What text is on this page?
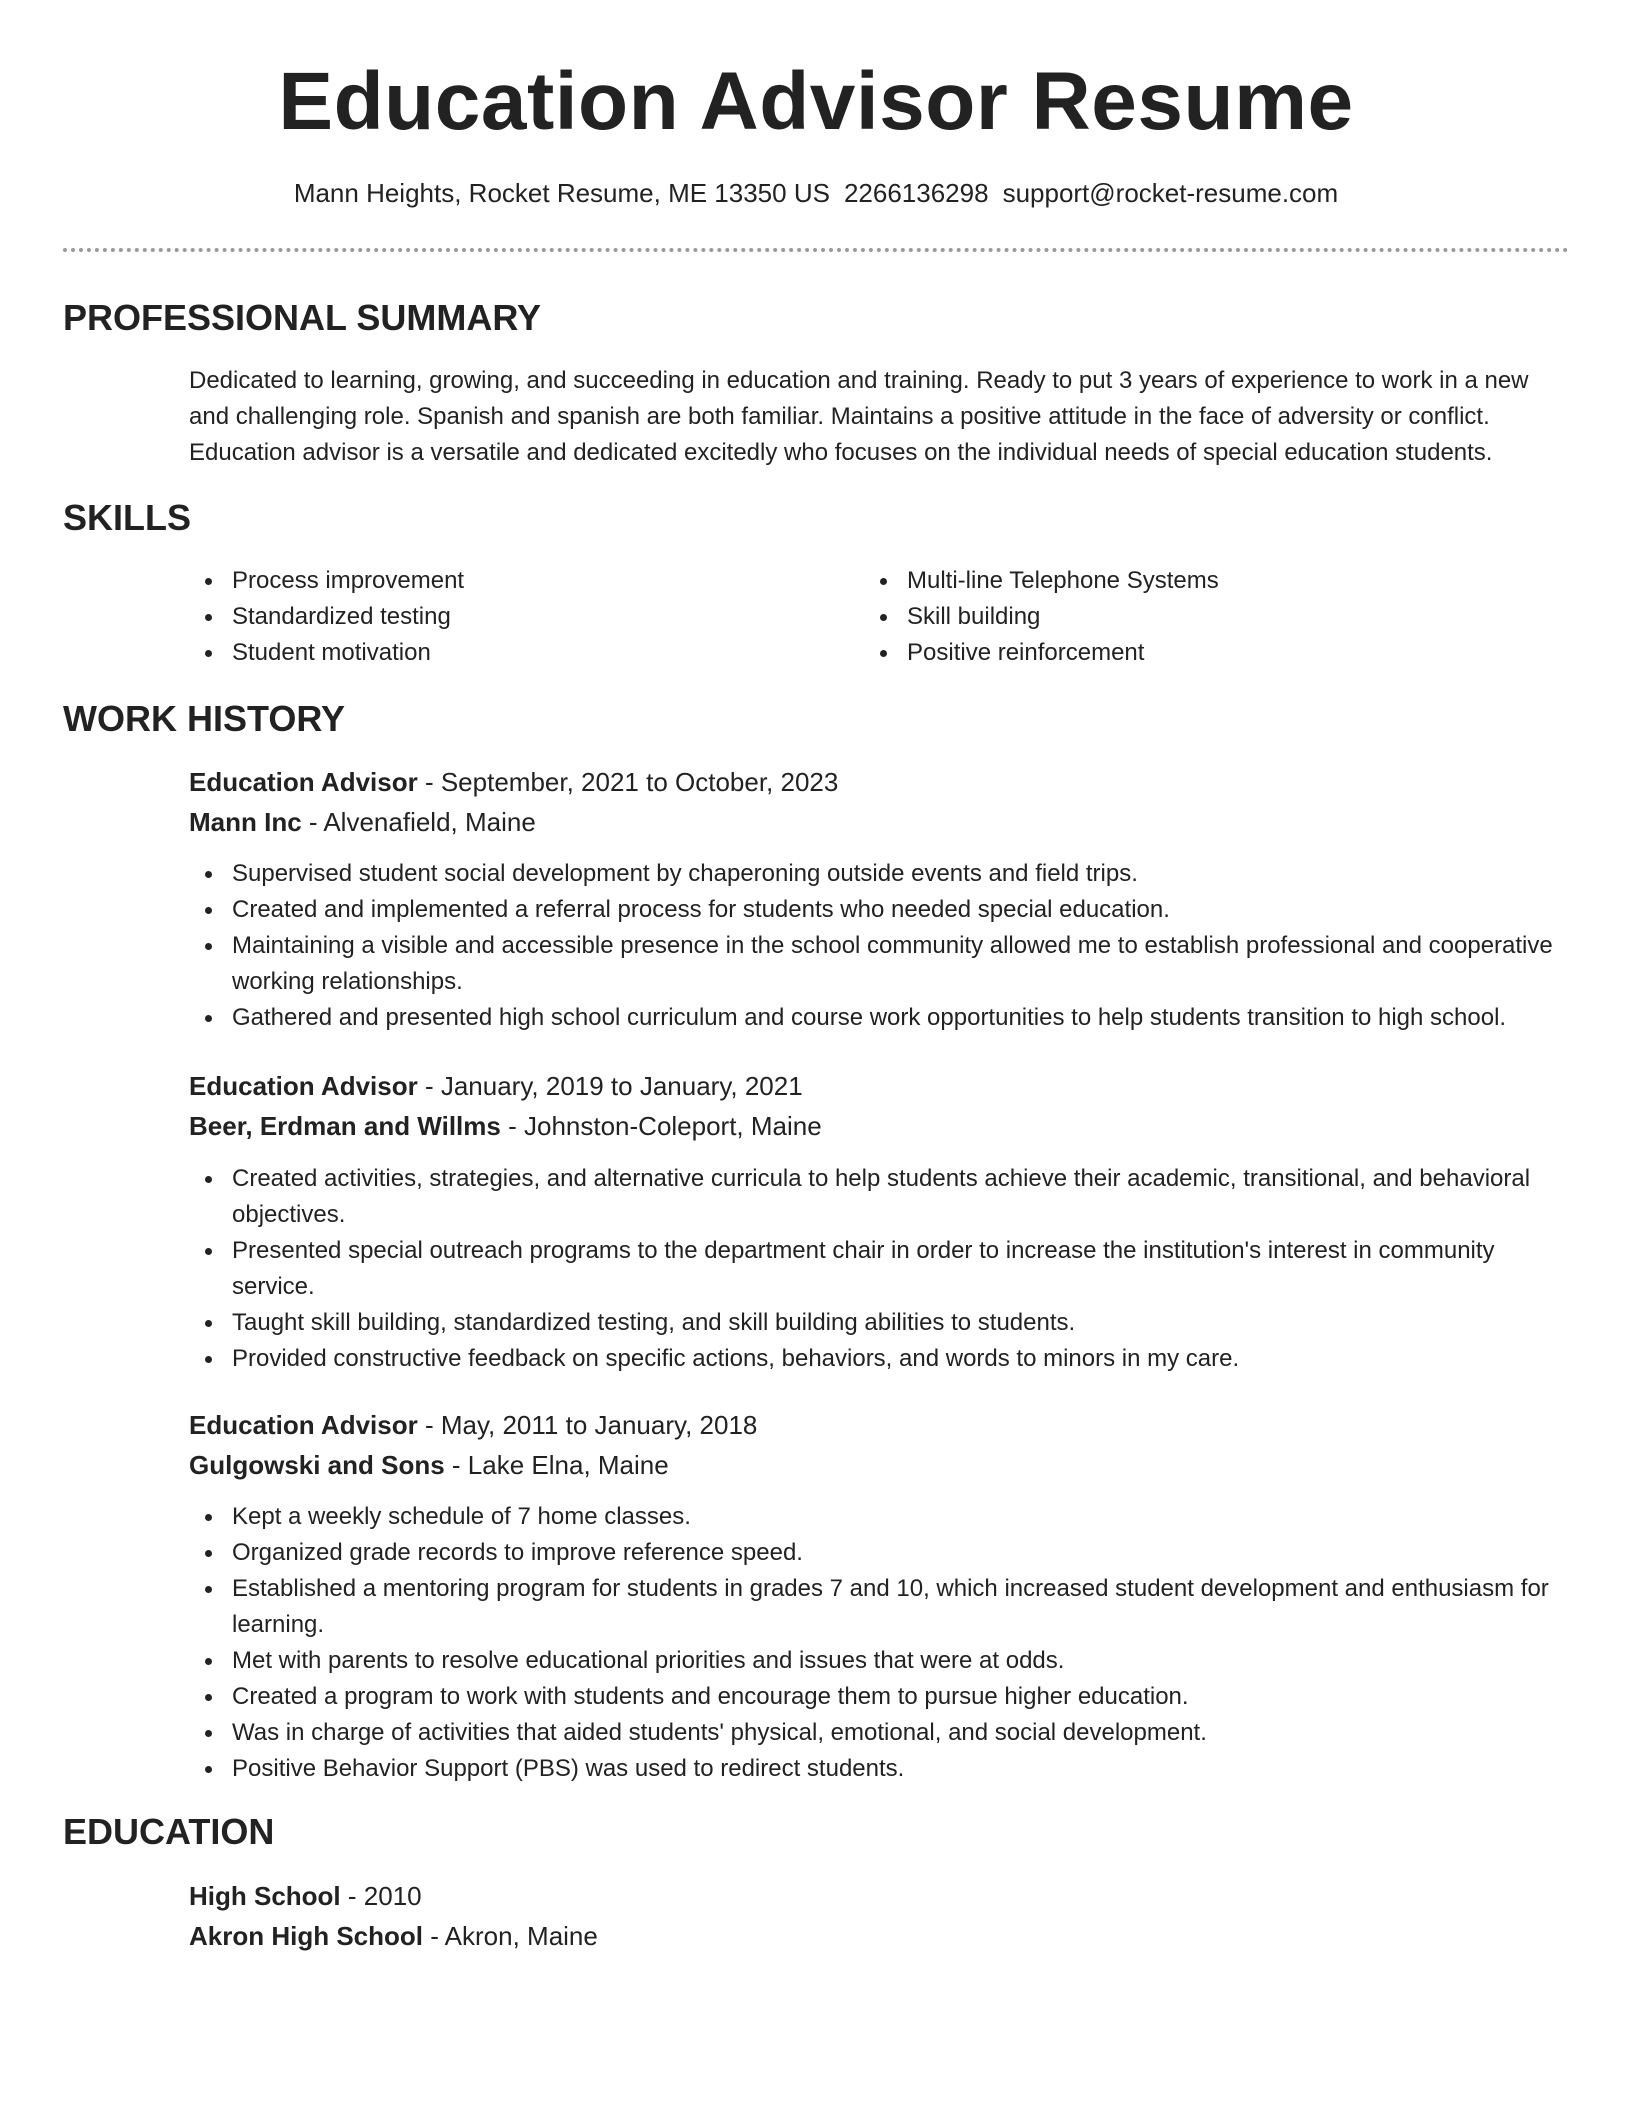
Education Advisor Resume
Mann Heights, Rocket Resume, ME 13350 US 2266136298 support@rocket-resume.com
PROFESSIONAL SUMMARY

Dedicated to learning, growing, and succeeding in education and training. Ready to put 3 years of experience to work in a new and challenging role. Spanish and spanish are both familiar. Maintains a positive attitude in the face of adversity or conflict. Education advisor is a versatile and dedicated excitedly who focuses on the individual needs of special education students.

SKILLS
Process improvement
Standardized testing
Student motivation
Multi-line Telephone Systems
Skill building
Positive reinforcement
WORK HISTORY

Education Advisor - September, 2021 to October, 2023

Mann Inc - Alvenafield, Maine

Supervised student social development by chaperoning outside events and field trips.
Created and implemented a referral process for students who needed special education.
Maintaining a visible and accessible presence in the school community allowed me to establish professional and cooperative working relationships.
Gathered and presented high school curriculum and course work opportunities to help students transition to high school.

Education Advisor - January, 2019 to January, 2021

Beer, Erdman and Willms - Johnston-Coleport, Maine

Created activities, strategies, and alternative curricula to help students achieve their academic, transitional, and behavioral objectives.
Presented special outreach programs to the department chair in order to increase the institution's interest in community service.
Taught skill building, standardized testing, and skill building abilities to students.
Provided constructive feedback on specific actions, behaviors, and words to minors in my care.

Education Advisor - May, 2011 to January, 2018

Gulgowski and Sons - Lake Elna, Maine

Kept a weekly schedule of 7 home classes.
Organized grade records to improve reference speed.
Established a mentoring program for students in grades 7 and 10, which increased student development and enthusiasm for learning.
Met with parents to resolve educational priorities and issues that were at odds.
Created a program to work with students and encourage them to pursue higher education.
Was in charge of activities that aided students' physical, emotional, and social development.
Positive Behavior Support (PBS) was used to redirect students.
EDUCATION

High School - 2010

Akron High School - Akron, Maine
